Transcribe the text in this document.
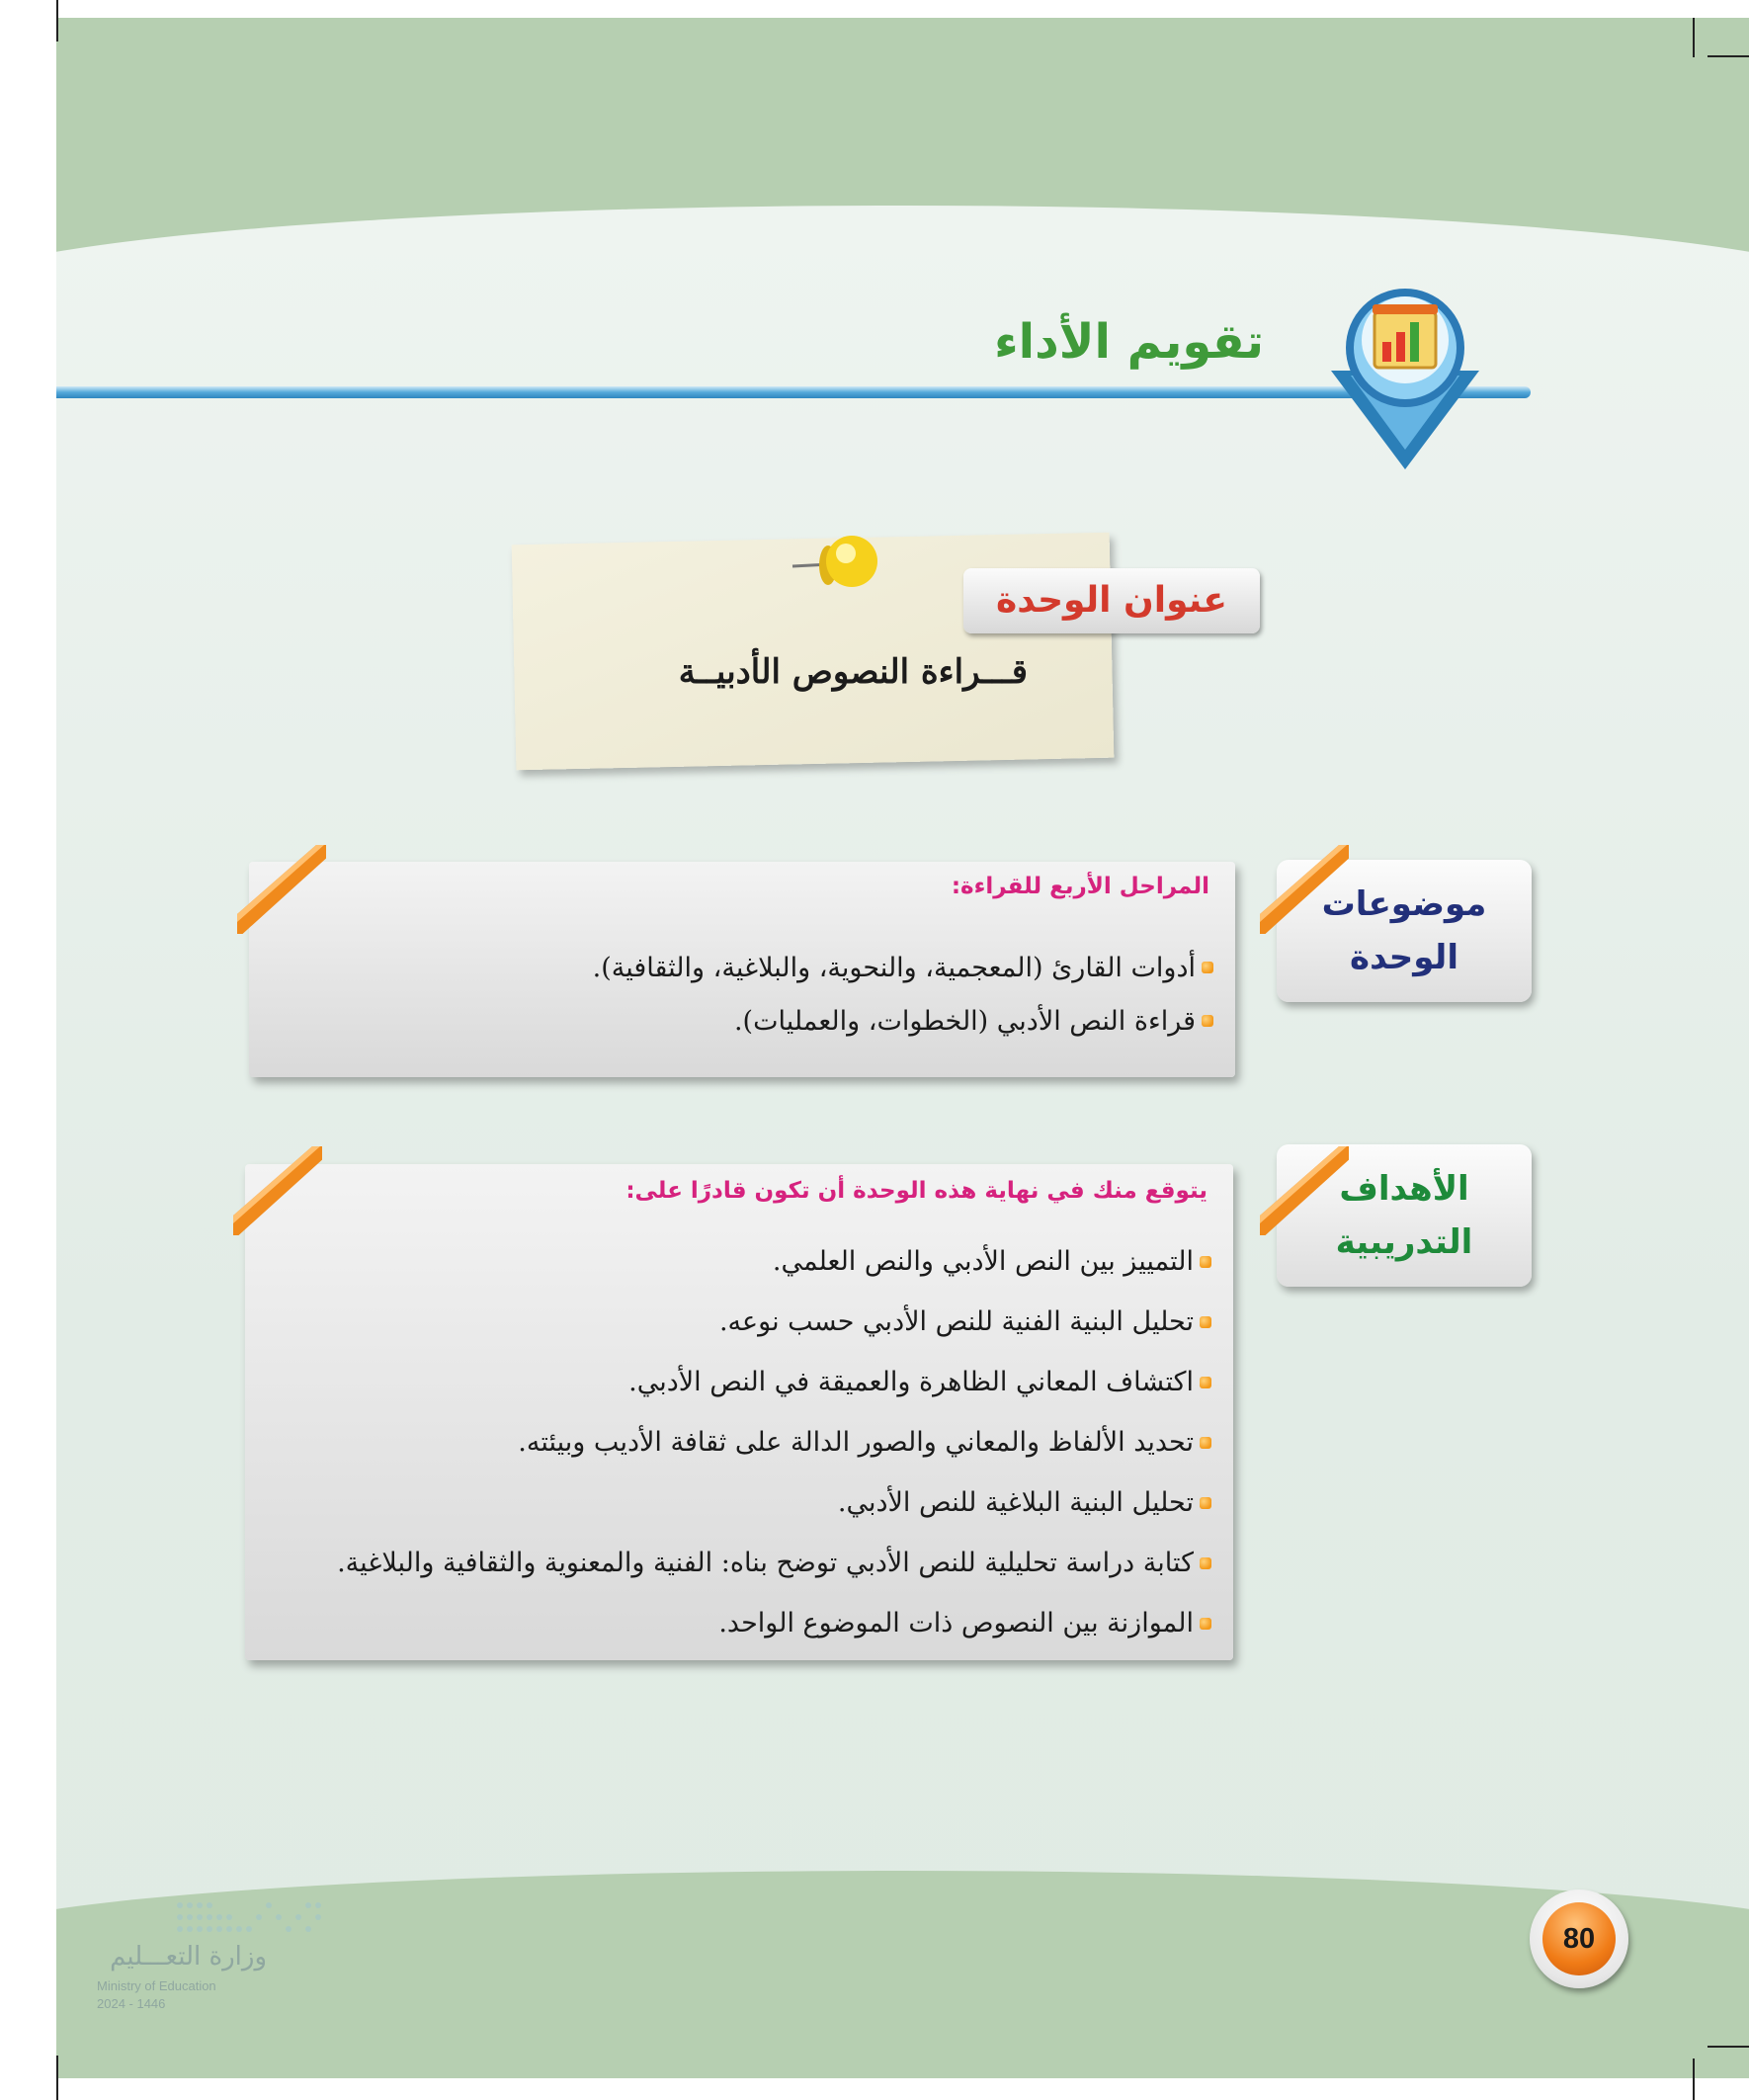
تقويم الأداء
عنوان الوحدة
قـــراءة النصوص الأدبيــة
المراحل الأربع للقراءة:
أدوات القارئ (المعجمية، والنحوية، والبلاغية، والثقافية).
قراءة النص الأدبي (الخطوات، والعمليات).
موضوعات
الوحدة
يتوقع منك في نهاية هذه الوحدة أن تكون قادرًا على:
التمييز بين النص الأدبي والنص العلمي.
تحليل البنية الفنية للنص الأدبي حسب نوعه.
اكتشاف المعاني الظاهرة والعميقة في النص الأدبي.
تحديد الألفاظ والمعاني والصور الدالة على ثقافة الأديب وبيئته.
تحليل البنية البلاغية للنص الأدبي.
كتابة دراسة تحليلية للنص الأدبي توضح بناه: الفنية والمعنوية والثقافية والبلاغية.
الموازنة بين النصوص ذات الموضوع الواحد.
الأهداف
التدريبية
80
وزارة التعـــليم
Ministry of Education
2024 - 1446
